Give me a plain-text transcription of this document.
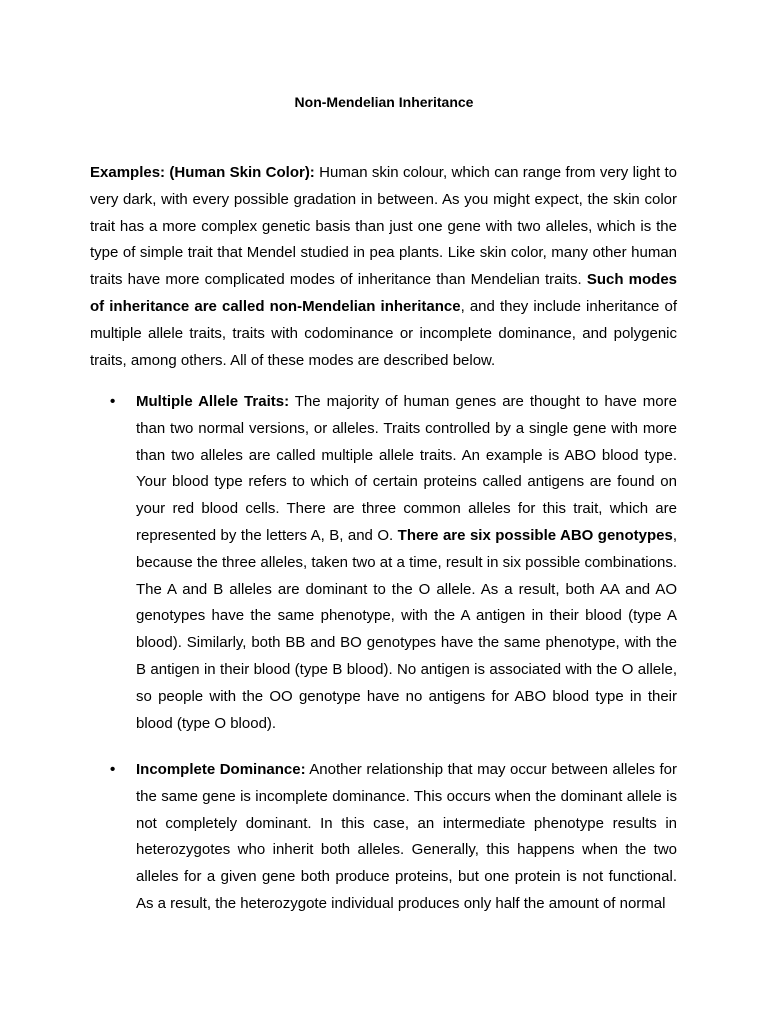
Non-Mendelian Inheritance

Examples: (Human Skin Color): Human skin colour, which can range from very light to very dark, with every possible gradation in between. As you might expect, the skin color trait has a more complex genetic basis than just one gene with two alleles, which is the type of simple trait that Mendel studied in pea plants. Like skin color, many other human traits have more complicated modes of inheritance than Mendelian traits. Such modes of inheritance are called non-Mendelian inheritance, and they include inheritance of multiple allele traits, traits with codominance or incomplete dominance, and polygenic traits, among others. All of these modes are described below.

• Multiple Allele Traits: The majority of human genes are thought to have more than two normal versions, or alleles. Traits controlled by a single gene with more than two alleles are called multiple allele traits. An example is ABO blood type. Your blood type refers to which of certain proteins called antigens are found on your red blood cells. There are three common alleles for this trait, which are represented by the letters A, B, and O. There are six possible ABO genotypes, because the three alleles, taken two at a time, result in six possible combinations. The A and B alleles are dominant to the O allele. As a result, both AA and AO genotypes have the same phenotype, with the A antigen in their blood (type A blood). Similarly, both BB and BO genotypes have the same phenotype, with the B antigen in their blood (type B blood). No antigen is associated with the O allele, so people with the OO genotype have no antigens for ABO blood type in their blood (type O blood).

• Incomplete Dominance: Another relationship that may occur between alleles for the same gene is incomplete dominance. This occurs when the dominant allele is not completely dominant. In this case, an intermediate phenotype results in heterozygotes who inherit both alleles. Generally, this happens when the two alleles for a given gene both produce proteins, but one protein is not functional. As a result, the heterozygote individual produces only half the amount of normal
